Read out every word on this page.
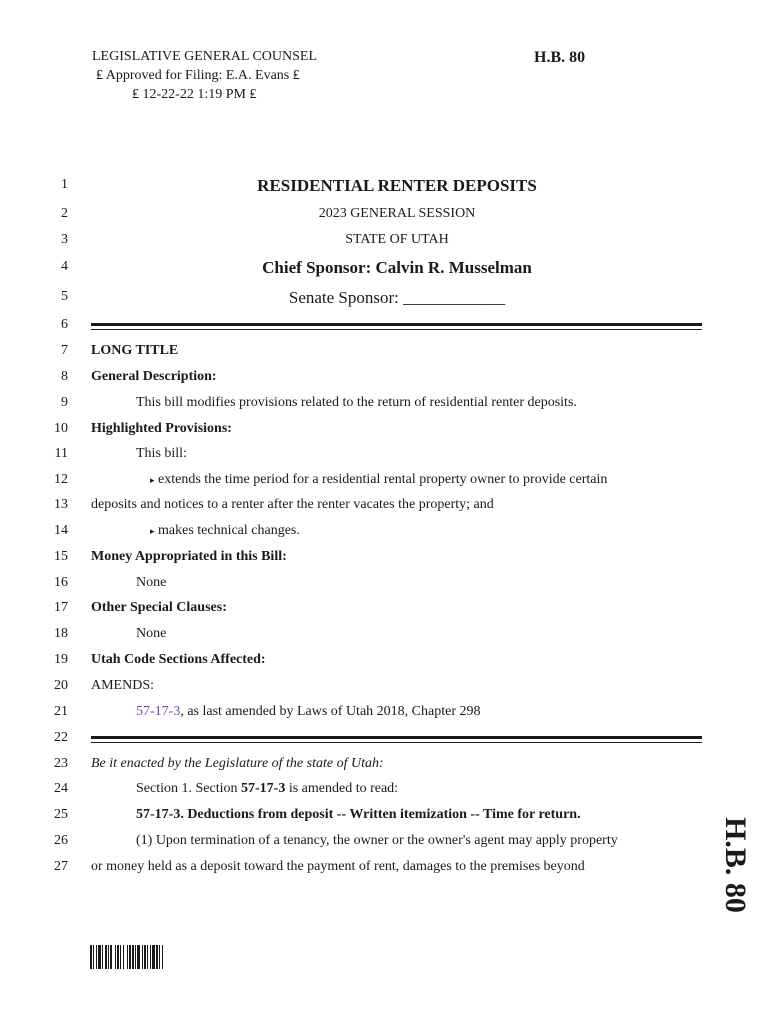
LEGISLATIVE GENERAL COUNSEL
₤ Approved for Filing: E.A. Evans ₤
₤ 12-22-22 1:19 PM ₤
H.B. 80
1
2
3
4
5
6
7
8
9
10
11
12
13
14
15
16
17
18
19
20
21
22
23
24
25
26
27
RESIDENTIAL RENTER DEPOSITS
2023 GENERAL SESSION
STATE OF UTAH
Chief Sponsor: Calvin R. Musselman
Senate Sponsor: ____________
LONG TITLE
General Description:
This bill modifies provisions related to the return of residential renter deposits.
Highlighted Provisions:
This bill:
▸ extends the time period for a residential rental property owner to provide certain
deposits and notices to a renter after the renter vacates the property; and
▸ makes technical changes.
Money Appropriated in this Bill:
None
Other Special Clauses:
None
Utah Code Sections Affected:
AMENDS:
57-17-3, as last amended by Laws of Utah 2018, Chapter 298
Be it enacted by the Legislature of the state of Utah:
Section 1. Section 57-17-3 is amended to read:
57-17-3. Deductions from deposit -- Written itemization -- Time for return.
(1) Upon termination of a tenancy, the owner or the owner's agent may apply property
or money held as a deposit toward the payment of rent, damages to the premises beyond	H.B. 80
